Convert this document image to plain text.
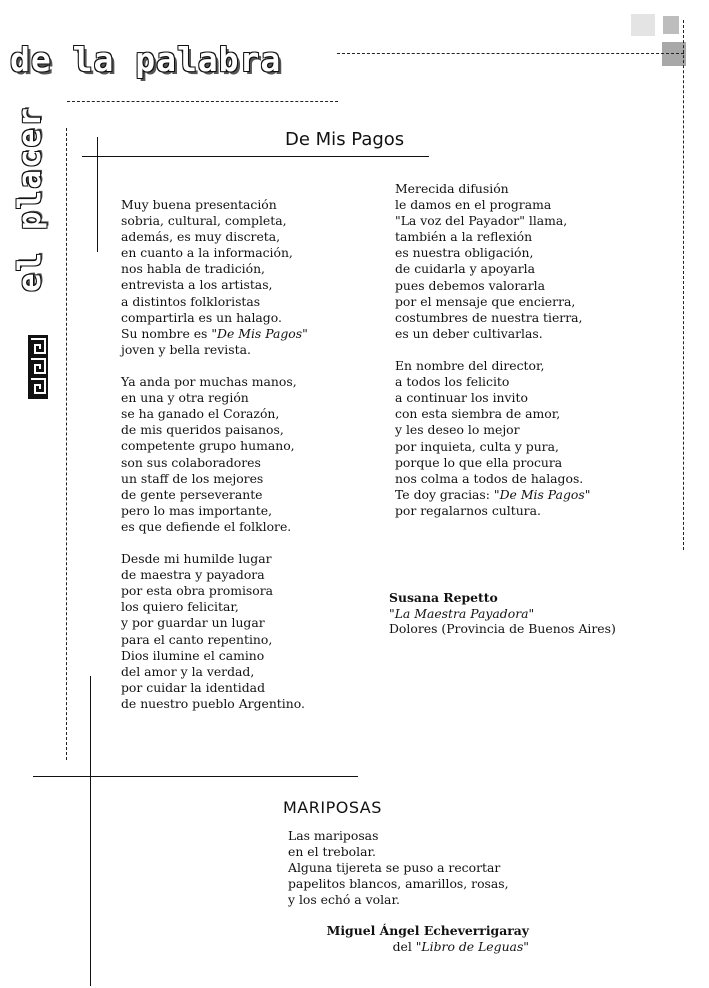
de la palabra
el placer	De Mis Pagos
Muy buena presentación
sobria, cultural, completa,
además, es muy discreta,
en cuanto a la información,
nos habla de tradición,
entrevista a los artistas,
a distintos folkloristas
compartirla es un halago.
Su nombre es "De Mis Pagos"
joven y bella revista.
Ya anda por muchas manos,
en una y otra región
se ha ganado el Corazón,
de mis queridos paisanos,
competente grupo humano,
son sus colaboradores
un staff de los mejores
de gente perseverante
pero lo mas importante,
es que defiende el folklore.
Desde mi humilde lugar
de maestra y payadora
por esta obra promisora
los quiero felicitar,
y por guardar un lugar
para el canto repentino,
Dios ilumine el camino
del amor y la verdad,
por cuidar la identidad
de nuestro pueblo Argentino.
Merecida difusión
le damos en el programa
"La voz del Payador" llama,
también a la reflexión
es nuestra obligación,
de cuidarla y apoyarla
pues debemos valorarla
por el mensaje que encierra,
costumbres de nuestra tierra,
es un deber cultivarlas.
En nombre del director,
a todos los felicito
a continuar los invito
con esta siembra de amor,
y les deseo lo mejor
por inquieta, culta y pura,
porque lo que ella procura
nos colma a todos de halagos.
Te doy gracias: "De Mis Pagos"
por regalarnos cultura.
Susana Repetto
"La Maestra Payadora"
Dolores (Provincia de Buenos Aires)
MARIPOSAS
Las mariposas
en el trebolar.
Alguna tijereta se puso a recortar
papelitos blancos, amarillos, rosas,
y los echó a volar.
Miguel Ángel Echeverrigaray
del "Libro de Leguas"
